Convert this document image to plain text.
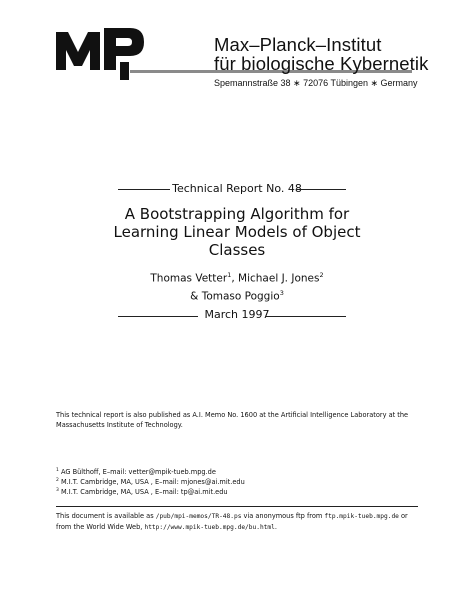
Max–Planck–Institut
für biologische Kybernetik
Spemannstraße 38 ∗ 72076 Tübingen ∗ Germany
Technical Report No. 48
A Bootstrapping Algorithm for
Learning Linear Models of Object
Classes
Thomas Vetter$^1$, Michael J. Jones$^2$
& Tomaso Poggio$^3$
March 1997
This technical report is also published as A.I. Memo No. 1600 at the Artificial Intelligence Laboratory at the Massachusetts Institute of Technology.
$^1$ AG Bülthoff, E–mail: vetter@mpik-tueb.mpg.de
$^2$ M.I.T. Cambridge, MA, USA , E–mail: mjones@ai.mit.edu
$^3$ M.I.T. Cambridge, MA, USA , E–mail: tp@ai.mit.edu
This document is available as /pub/mpi-memos/TR-48.ps via anonymous ftp from ftp.mpik-tueb.mpg.de or from the World Wide Web, http://www.mpik-tueb.mpg.de/bu.html.
